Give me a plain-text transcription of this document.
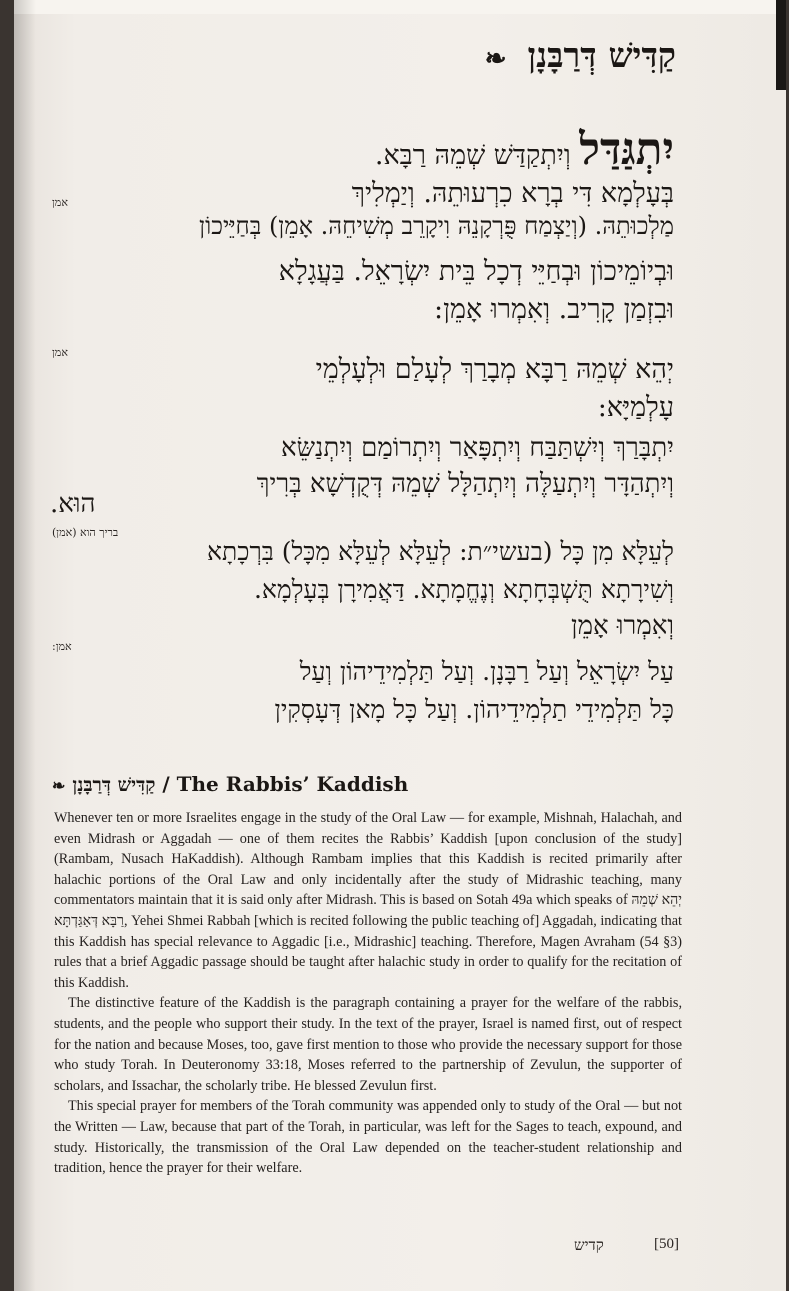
קַדִּישׁ דְּרַבָּנָן  ❧
יִתְגַּדַּל וְיִתְקַדַּשׁ שְׁמֵהּ רַבָּא.
בְּעָלְמָא דִּי בְרָא כִרְעוּתֵהּ. וְיַמְלִיךְ
מַלְכוּתֵהּ. (וְיַצְמַח פֻּרְקָנֵהּ וִיקָרֵב מְשִׁיחֵהּ. אָמֵן) בְּחַיֵּיכוֹן
וּבְיוֹמֵיכוֹן וּבְחַיֵּי דְכָל בֵּית יִשְׂרָאֵל. בַּעֲגָלָא
וּבִזְמַן קָרִיב. וְאִמְרוּ אָמֵן:
יְהֵא שְׁמֵהּ רַבָּא מְבָרַךְ לְעָלַם וּלְעָלְמֵי
עָלְמַיָּא:
יִתְבָּרַךְ וְיִשְׁתַּבַּח וְיִתְפָּאַר וְיִתְרוֹמַם וְיִתְנַשֵּׂא
וְיִתְהַדָּר וְיִתְעַלֶּה וְיִתְהַלָּל שְׁמֵהּ דְּקֻדְשָׁא בְּרִיךְ
הוּא.
לְעֵלָּא מִן כָּל (בעשי״ת: לְעֵלָּא לְעֵלָּא מִכָּל) בִּרְכָתָא
וְשִׁירָתָא תֻּשְׁבְּחָתָא וְנֶחֱמָתָא. דַּאֲמִירָן בְּעָלְמָא.
וְאִמְרוּ אָמֵן
עַל יִשְׂרָאֵל וְעַל רַבָּנָן. וְעַל תַּלְמִידֵיהוֹן וְעַל
כָּל תַּלְמִידֵי תַלְמִידֵיהוֹן. וְעַל כָּל מָאן דְּעָסְקִין
אמן
אמן
בריך הוא (אמן)
אמן:
❧ קַדִּישׁ דְּרַבָּנָן / The Rabbis’ Kaddish

Whenever ten or more Israelites engage in the study of the Oral Law — for example, Mishnah, Halachah, and even Midrash or Aggadah — one of them recites the Rabbis’ Kaddish [upon conclusion of the study] (Rambam, Nusach HaKaddish). Although Rambam implies that this Kaddish is recited primarily after halachic portions of the Oral Law and only incidentally after the study of Midrashic teaching, many commentators maintain that it is said only after Midrash. This is based on Sotah 49a which speaks of יְהֵא שְׁמֵהּ רַבָּא דְּאַגַּדְתָּא, Yehei Shmei Rabbah [which is recited following the public teaching of] Aggadah, indicating that this Kaddish has special relevance to Aggadic [i.e., Midrashic] teaching. Therefore, Magen Avraham (54 §3) rules that a brief Aggadic passage should be taught after halachic study in order to qualify for the recitation of this Kaddish.

The distinctive feature of the Kaddish is the paragraph containing a prayer for the welfare of the rabbis, students, and the people who support their study. In the text of the prayer, Israel is named first, out of respect for the nation and because Moses, too, gave first mention to those who provide the necessary support for those who study Torah. In Deuteronomy 33:18, Moses referred to the partnership of Zevulun, the supporter of scholars, and Issachar, the scholarly tribe. He blessed Zevulun first.

This special prayer for members of the Torah community was appended only to study of the Oral — but not the Written — Law, because that part of the Torah, in particular, was left for the Sages to teach, expound, and study. Historically, the transmission of the Oral Law depended on the teacher-student relationship and tradition, hence the prayer for their welfare.

קדיש	[50]
